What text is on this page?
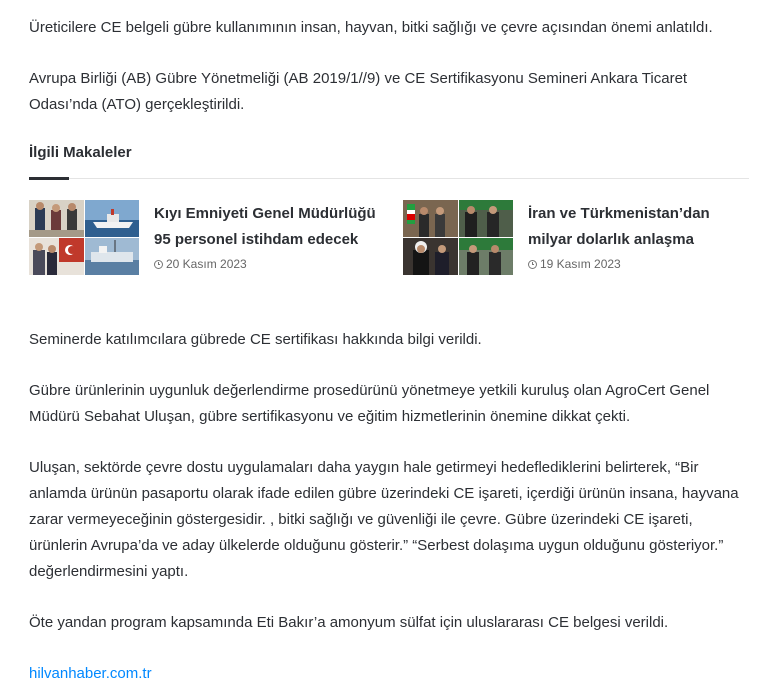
Üreticilere CE belgeli gübre kullanımının insan, hayvan, bitki sağlığı ve çevre açısından önemi anlatıldı.

Avrupa Birliği (AB) Gübre Yönetmeliği (AB 2019/1//9) ve CE Sertifikasyonu Semineri Ankara Ticaret Odası’nda (ATO) gerçekleştirildi.

İlgili Makaleler

Kıyı Emniyeti Genel Müdürlüğü 95 personel istihdam edecek

20 Kasım 2023

İran ve Türkmenistan’dan milyar dolarlık anlaşma

19 Kasım 2023

Seminerde katılımcılara gübrede CE sertifikası hakkında bilgi verildi.

Gübre ürünlerinin uygunluk değerlendirme prosedürünü yönetmeye yetkili kuruluş olan AgroCert Genel Müdürü Sebahat Uluşan, gübre sertifikasyonu ve eğitim hizmetlerinin önemine dikkat çekti.

Uluşan, sektörde çevre dostu uygulamaları daha yaygın hale getirmeyi hedeflediklerini belirterek, “Bir anlamda ürünün pasaportu olarak ifade edilen gübre üzerindeki CE işareti, içerdiği ürünün insana, hayvana zarar vermeyeceğinin göstergesidir. , bitki sağlığı ve güvenliği ile çevre. Gübre üzerindeki CE işareti, ürünlerin Avrupa’da ve aday ülkelerde olduğunu gösterir.” “Serbest dolaşıma uygun olduğunu gösteriyor.” değerlendirmesini yaptı.

Öte yandan program kapsamında Eti Bakır’a amonyum sülfat için uluslararası CE belgesi verildi.

hilvanhaber.com.tr
